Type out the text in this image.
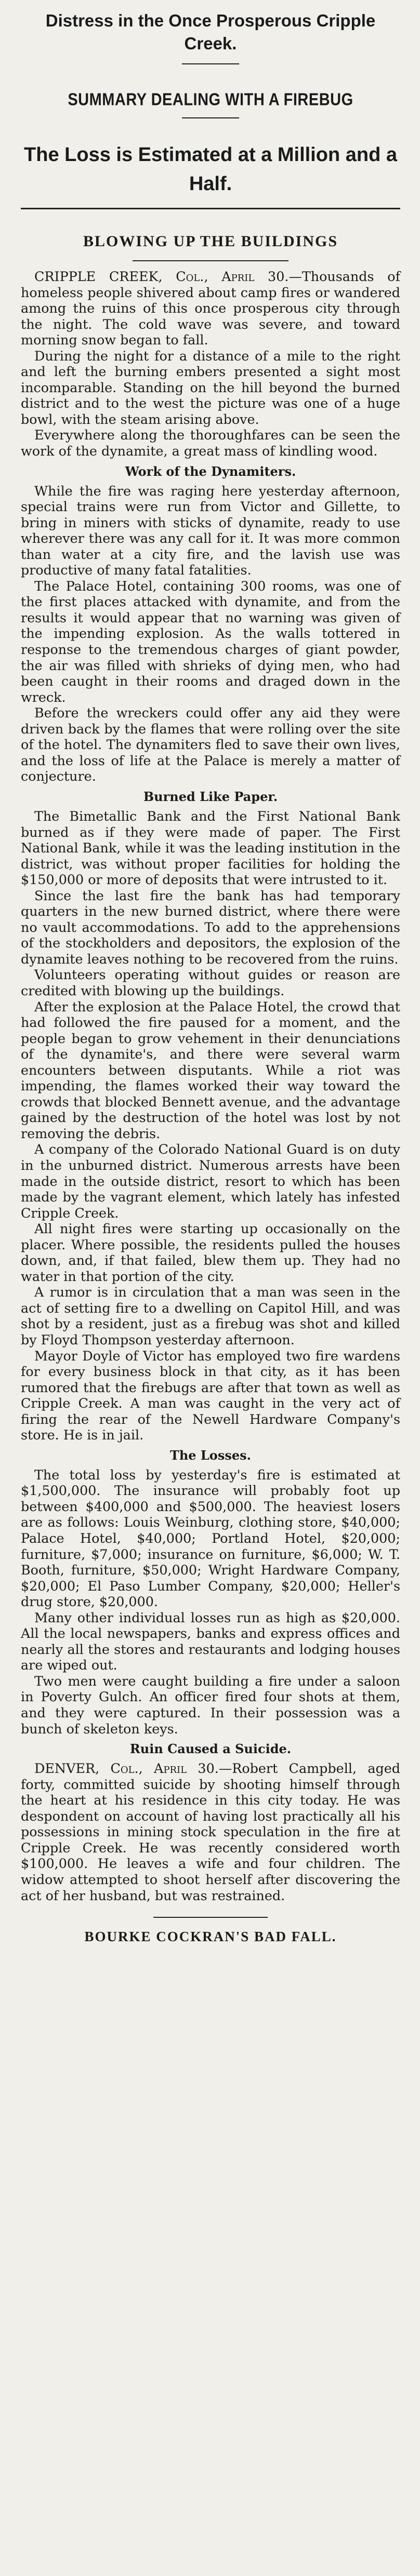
Distress in the Once Prosperous Cripple Creek.
SUMMARY DEALING WITH A FIREBUG
The Loss is Estimated at a Million and a Half.
BLOWING UP THE BUILDINGS

CRIPPLE CREEK, Col., April 30.—Thousands of homeless people shivered about camp fires or wandered among the ruins of this once prosperous city through the night. The cold wave was severe, and toward morning snow began to fall.

During the night for a distance of a mile to the right and left the burning embers presented a sight most incomparable. Standing on the hill beyond the burned district and to the west the picture was one of a huge bowl, with the steam arising above.

Everywhere along the thoroughfares can be seen the work of the dynamite, a great mass of kindling wood.

Work of the Dynamiters.

While the fire was raging here yesterday afternoon, special trains were run from Victor and Gillette, to bring in miners with sticks of dynamite, ready to use wherever there was any call for it. It was more common than water at a city fire, and the lavish use was productive of many fatal fatalities.

The Palace Hotel, containing 300 rooms, was one of the first places attacked with dynamite, and from the results it would appear that no warning was given of the impending explosion. As the walls tottered in response to the tremendous charges of giant powder, the air was filled with shrieks of dying men, who had been caught in their rooms and draged down in the wreck.

Before the wreckers could offer any aid they were driven back by the flames that were rolling over the site of the hotel. The dynamiters fled to save their own lives, and the loss of life at the Palace is merely a matter of conjecture.

Burned Like Paper.

The Bimetallic Bank and the First National Bank burned as if they were made of paper. The First National Bank, while it was the leading institution in the district, was without proper facilities for holding the $150,000 or more of deposits that were intrusted to it.

Since the last fire the bank has had temporary quarters in the new burned district, where there were no vault accommodations. To add to the apprehensions of the stockholders and depositors, the explosion of the dynamite leaves nothing to be recovered from the ruins.

Volunteers operating without guides or reason are credited with blowing up the buildings.

After the explosion at the Palace Hotel, the crowd that had followed the fire paused for a moment, and the people began to grow vehement in their denunciations of the dynamite's, and there were several warm encounters between disputants. While a riot was impending, the flames worked their way toward the crowds that blocked Bennett avenue, and the advantage gained by the destruction of the hotel was lost by not removing the debris.

A company of the Colorado National Guard is on duty in the unburned district. Numerous arrests have been made in the outside district, resort to which has been made by the vagrant element, which lately has infested Cripple Creek.

All night fires were starting up occasionally on the placer. Where possible, the residents pulled the houses down, and, if that failed, blew them up. They had no water in that portion of the city.

A rumor is in circulation that a man was seen in the act of setting fire to a dwelling on Capitol Hill, and was shot by a resident, just as a firebug was shot and killed by Floyd Thompson yesterday afternoon.

Mayor Doyle of Victor has employed two fire wardens for every business block in that city, as it has been rumored that the firebugs are after that town as well as Cripple Creek. A man was caught in the very act of firing the rear of the Newell Hardware Company's store. He is in jail.

The Losses.

The total loss by yesterday's fire is estimated at $1,500,000. The insurance will probably foot up between $400,000 and $500,000. The heaviest losers are as follows: Louis Weinburg, clothing store, $40,000; Palace Hotel, $40,000; Portland Hotel, $20,000; furniture, $7,000; insurance on furniture, $6,000; W. T. Booth, furniture, $50,000; Wright Hardware Company, $20,000; El Paso Lumber Company, $20,000; Heller's drug store, $20,000.

Many other individual losses run as high as $20,000. All the local newspapers, banks and express offices and nearly all the stores and restaurants and lodging houses are wiped out.

Two men were caught building a fire under a saloon in Poverty Gulch. An officer fired four shots at them, and they were captured. In their possession was a bunch of skeleton keys.

Ruin Caused a Suicide.

DENVER, Col., April 30.—Robert Campbell, aged forty, committed suicide by shooting himself through the heart at his residence in this city today. He was despondent on account of having lost practically all his possessions in mining stock speculation in the fire at Cripple Creek. He was recently considered worth $100,000. He leaves a wife and four children. The widow attempted to shoot herself after discovering the act of her husband, but was restrained.

BOURKE COCKRAN'S BAD FALL.
